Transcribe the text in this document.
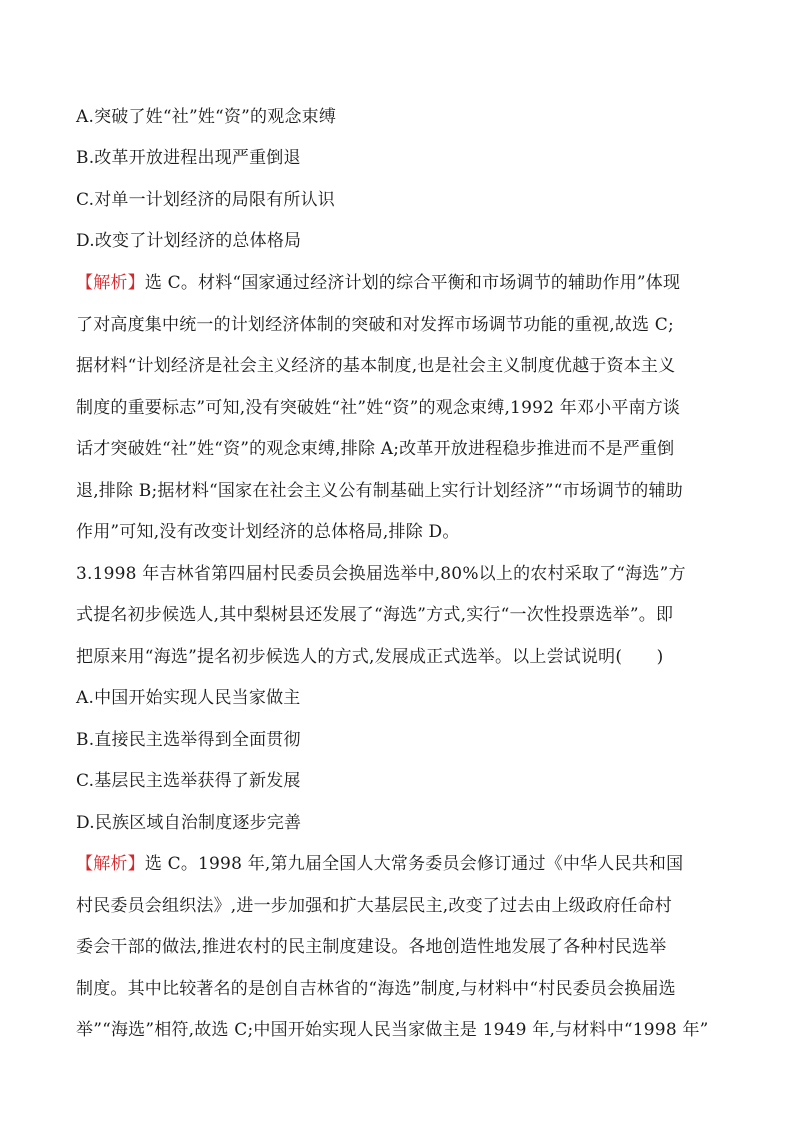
A.突破了姓“社”姓“资”的观念束缚
B.改革开放进程出现严重倒退
C.对单一计划经济的局限有所认识
D.改变了计划经济的总体格局
【解析】选 C。材料“国家通过经济计划的综合平衡和市场调节的辅助作用”体现
了对高度集中统一的计划经济体制的突破和对发挥市场调节功能的重视,故选 C;
据材料“计划经济是社会主义经济的基本制度,也是社会主义制度优越于资本主义
制度的重要标志”可知,没有突破姓“社”姓“资”的观念束缚,1992 年邓小平南方谈
话才突破姓“社”姓“资”的观念束缚,排除 A;改革开放进程稳步推进而不是严重倒
退,排除 B;据材料“国家在社会主义公有制基础上实行计划经济”“市场调节的辅助
作用”可知,没有改变计划经济的总体格局,排除 D。
3.1998 年吉林省第四届村民委员会换届选举中,80%以上的农村采取了“海选”方
式提名初步候选人,其中梨树县还发展了“海选”方式,实行“一次性投票选举”。即
把原来用“海选”提名初步候选人的方式,发展成正式选举。以上尝试说明(　　)
A.中国开始实现人民当家做主
B.直接民主选举得到全面贯彻
C.基层民主选举获得了新发展
D.民族区域自治制度逐步完善
【解析】选 C。1998 年,第九届全国人大常务委员会修订通过《中华人民共和国
村民委员会组织法》,进一步加强和扩大基层民主,改变了过去由上级政府任命村
委会干部的做法,推进农村的民主制度建设。各地创造性地发展了各种村民选举
制度。其中比较著名的是创自吉林省的“海选”制度,与材料中“村民委员会换届选
举”“海选”相符,故选 C;中国开始实现人民当家做主是 1949 年,与材料中“1998 年”
